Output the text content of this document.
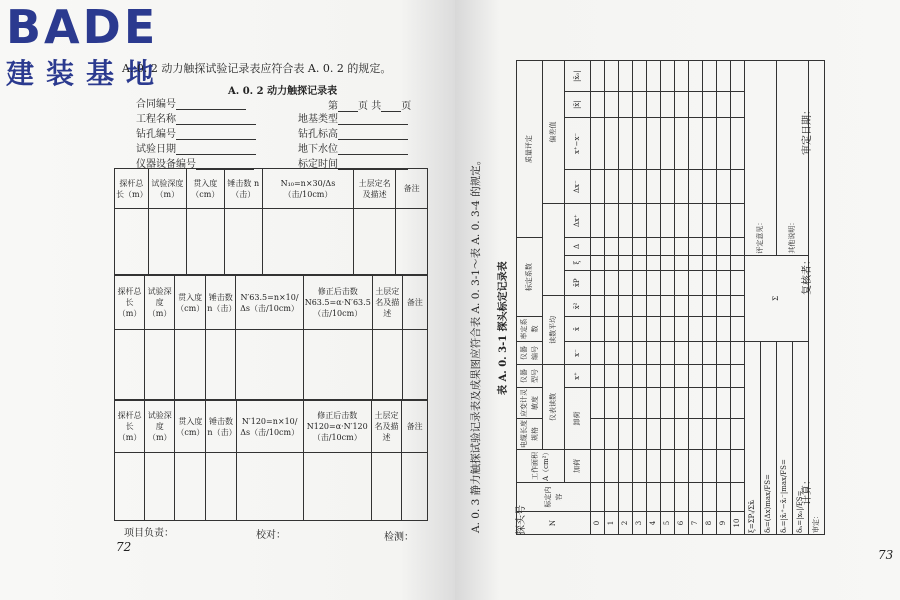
BADE
建装基地
A. 0. 2 动力触探试验记录表应符合表 A. 0. 2 的规定。
A. 0. 2 动力触探记录表
合同编号
工程名称
钻孔编号
试验日期
仪器设备编号
第 页 共 页
地基类型
钻孔标高
地下水位
标定时间
探杆总长（m）	试验深度（m）	贯入度（cm）	锤击数 n（击）	N₁₀=n×30/Δs（击/10cm）	土层定名及描述	备注

探杆总长（m）	试验深度（m）	贯入度（cm）	锤击数 n（击）	N′63.5=n×10/Δs（击/10cm）	修正后击数 N63.5=α·N′63.5（击/10cm）	土层定名及描述	备注

探杆总长（m）	试验深度（m）	贯入度（cm）	锤击数 n（击）	N′120=n×10/Δs（击/10cm）	修正后击数 N120=α·N′120（击/10cm）	土层定名及描述	备注

项目负责：	校对：	检测：
72
73
A. 0. 3 静力触探试验记录表及成果图应符合表 A. 0. 3-1～表 A. 0. 3-4 的规定。	表 A. 0. 3-1 探头标定记录表
探头号	N	标定内容	工作面积 A（cm²）	电缆长度规格	应变计灵敏度	仪器型号	仪器编号	率定系数	标定系数				质量评定				
			仪表读数			读数平均							偏差值			
		加荷	卸荷		x⁺	x⁻	x̄	x̄²	x̄P	ξ	Δ	Δx⁺	Δx⁻	x⁺−x⁻	|x̄|	|x̄₀|
0																
1																
2																
3																
4																
5																
6																
7																
8																
9																
10																
ξ=ΣPᵢ/Σx̄ᵢ							Σ				评定意见：					
δₗ=(Δx)max/FS=																
δᵣ=|x̄ᵢ⁺−x̄ᵢ⁻|max/FS=											其他说明：					
δₕ=|x₀|/FS=																
审定：																
计算：
复核者：
审定日期：
